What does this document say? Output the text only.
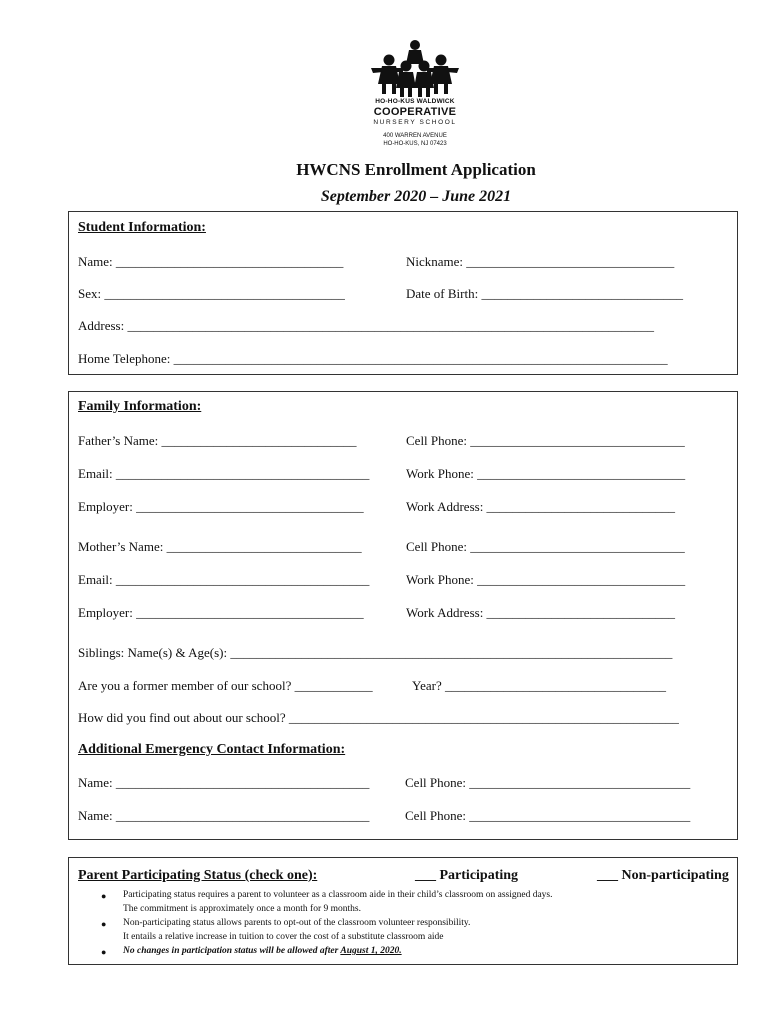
HO-HO-KUS WALDWICK
COOPERATIVE
NURSERY SCHOOL
400 WARREN AVENUE
HO-HO-KUS, NJ 07423
HWCNS Enrollment Application
September 2020 – June 2021
Student Information:
Name: ___________________________________	Nickname: ________________________________
Sex: _____________________________________	Date of Birth: _______________________________
Address: _________________________________________________________________________________
Home Telephone: ____________________________________________________________________________
Family Information:
Father’s Name: ______________________________	Cell Phone: _________________________________
Email: _______________________________________	Work Phone: ________________________________
Employer: ___________________________________	Work Address: _____________________________
Mother’s Name: ______________________________	Cell Phone: _________________________________
Email: _______________________________________	Work Phone: ________________________________
Employer: ___________________________________	Work Address: _____________________________
Siblings: Name(s) & Age(s): ____________________________________________________________________
Are you a former member of our school? ____________	Year? __________________________________
How did you find out about our school? ____________________________________________________________
Additional Emergency Contact Information:
Name: _______________________________________	Cell Phone: __________________________________
Name: _______________________________________	Cell Phone: __________________________________
Parent Participating Status (check one):	___ Participating	___ Non-participating
● Participating status requires a parent to volunteer as a classroom aide in their child’s classroom on assigned days.
The commitment is approximately once a month for 9 months.
● Non-participating status allows parents to opt-out of the classroom volunteer responsibility.
It entails a relative increase in tuition to cover the cost of a substitute classroom aide
● No changes in participation status will be allowed after August 1, 2020.
